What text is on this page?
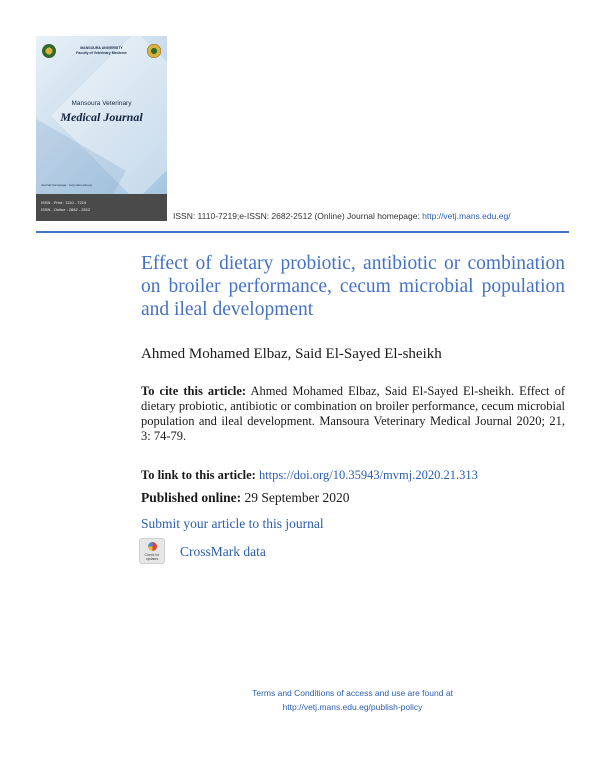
MANSOURA UNIVERSITY
Faculty of Veterinary Medicine
Mansoura Veterinary
Medical Journal
Journal Homepage : vetj.mans.edu.eg
ISSN - Print : 1110 - 7219
ISSN - Online : 2682 - 2512
ISSN: 1110-7219;e-ISSN: 2682-2512 (Online) Journal homepage: http://vetj.mans.edu.eg/
Effect of dietary probiotic, antibiotic or combination on broiler performance, cecum microbial population and ileal development
Ahmed Mohamed Elbaz, Said El-Sayed El-sheikh
To cite this article: Ahmed Mohamed Elbaz, Said El-Sayed El-sheikh. Effect of dietary probiotic, antibiotic or combination on broiler performance, cecum microbial population and ileal development. Mansoura Veterinary Medical Journal 2020; 21, 3: 74-79.
To link to this article: https://doi.org/10.35943/mvmj.2020.21.313
Published online: 29 September 2020
Submit your article to this journal
Check for updates	CrossMark data
Terms and Conditions of access and use are found at
http://vetj.mans.edu.eg/publish-policy
